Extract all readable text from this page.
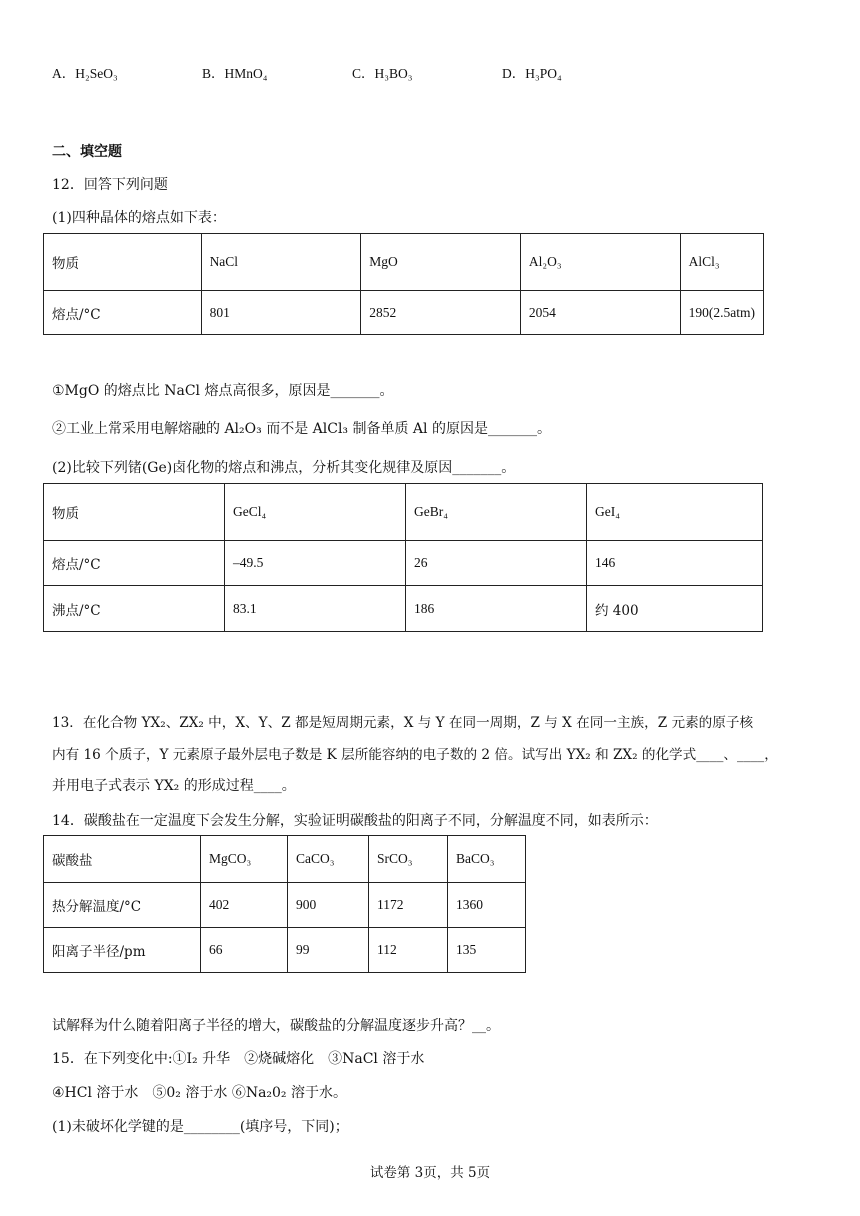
A．H₂SeO₃	B．HMnO₄	C．H₃BO₃	D．H₃PO₄
二、填空题
12．回答下列问题
(1)四种晶体的熔点如下表：
物质	NaCl	MgO	Al₂O₃	AlCl₃
熔点/°C	801	2852	2054	190(2.5atm)
①MgO 的熔点比 NaCl 熔点高很多，原因是_______。
②工业上常采用电解熔融的 Al₂O₃ 而不是 AlCl₃ 制备单质 Al 的原因是_______。
(2)比较下列锗(Ge)卤化物的熔点和沸点，分析其变化规律及原因_______。
物质	GeCl₄	GeBr₄	GeI₄
熔点/°C	–49.5	26	146
沸点/°C	83.1	186	约 400
13．在化合物 YX₂、ZX₂ 中，X、Y、Z 都是短周期元素，X 与 Y 在同一周期，Z 与 X 在同一主族，Z 元素的原子核
内有 16 个质子，Y 元素原子最外层电子数是 K 层所能容纳的电子数的 2 倍。试写出 YX₂ 和 ZX₂ 的化学式____、____，
并用电子式表示 YX₂ 的形成过程____。
14．碳酸盐在一定温度下会发生分解，实验证明碳酸盐的阳离子不同，分解温度不同，如表所示：
碳酸盐	MgCO₃	CaCO₃	SrCO₃	BaCO₃
热分解温度/°C	402	900	1172	1360
阳离子半径/pm	66	99	112	135
试解释为什么随着阳离子半径的增大，碳酸盐的分解温度逐步升高？__。
15．在下列变化中:①I₂ 升华　②烧碱熔化　③NaCl 溶于水
④HCl 溶于水　⑤0₂ 溶于水 ⑥Na₂0₂ 溶于水。
(1)未破坏化学键的是________(填序号，下同)；
试卷第 3页，共 5页
